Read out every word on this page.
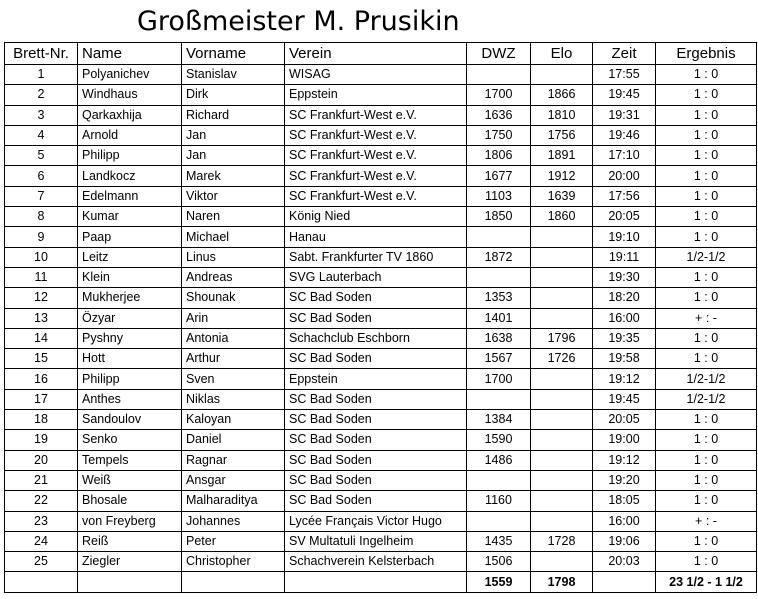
Großmeister M. Prusikin
Brett-Nr.	Name	Vorname	Verein	DWZ	Elo	Zeit	Ergebnis
1	Polyanichev	Stanislav	WISAG			17:55	1 : 0
2	Windhaus	Dirk	Eppstein	1700	1866	19:45	1 : 0
3	Qarkaxhija	Richard	SC Frankfurt-West e.V.	1636	1810	19:31	1 : 0
4	Arnold	Jan	SC Frankfurt-West e.V.	1750	1756	19:46	1 : 0
5	Philipp	Jan	SC Frankfurt-West e.V.	1806	1891	17:10	1 : 0
6	Landkocz	Marek	SC Frankfurt-West e.V.	1677	1912	20:00	1 : 0
7	Edelmann	Viktor	SC Frankfurt-West e.V.	1103	1639	17:56	1 : 0
8	Kumar	Naren	König Nied	1850	1860	20:05	1 : 0
9	Paap	Michael	Hanau			19:10	1 : 0
10	Leitz	Linus	Sabt. Frankfurter TV 1860	1872		19:11	1/2-1/2
11	Klein	Andreas	SVG Lauterbach			19:30	1 : 0
12	Mukherjee	Shounak	SC Bad Soden	1353		18:20	1 : 0
13	Özyar	Arin	SC Bad Soden	1401		16:00	+ : -
14	Pyshny	Antonia	Schachclub Eschborn	1638	1796	19:35	1 : 0
15	Hott	Arthur	SC Bad Soden	1567	1726	19:58	1 : 0
16	Philipp	Sven	Eppstein	1700		19:12	1/2-1/2
17	Anthes	Niklas	SC Bad Soden			19:45	1/2-1/2
18	Sandoulov	Kaloyan	SC Bad Soden	1384		20:05	1 : 0
19	Senko	Daniel	SC Bad Soden	1590		19:00	1 : 0
20	Tempels	Ragnar	SC Bad Soden	1486		19:12	1 : 0
21	Weiß	Ansgar	SC Bad Soden			19:20	1 : 0
22	Bhosale	Malharaditya	SC Bad Soden	1160		18:05	1 : 0
23	von Freyberg	Johannes	Lycée Français Victor Hugo			16:00	+ : -
24	Reiß	Peter	SV Multatuli Ingelheim	1435	1728	19:06	1 : 0
25	Ziegler	Christopher	Schachverein Kelsterbach	1506		20:03	1 : 0
				1559	1798		23 1/2 - 1 1/2
